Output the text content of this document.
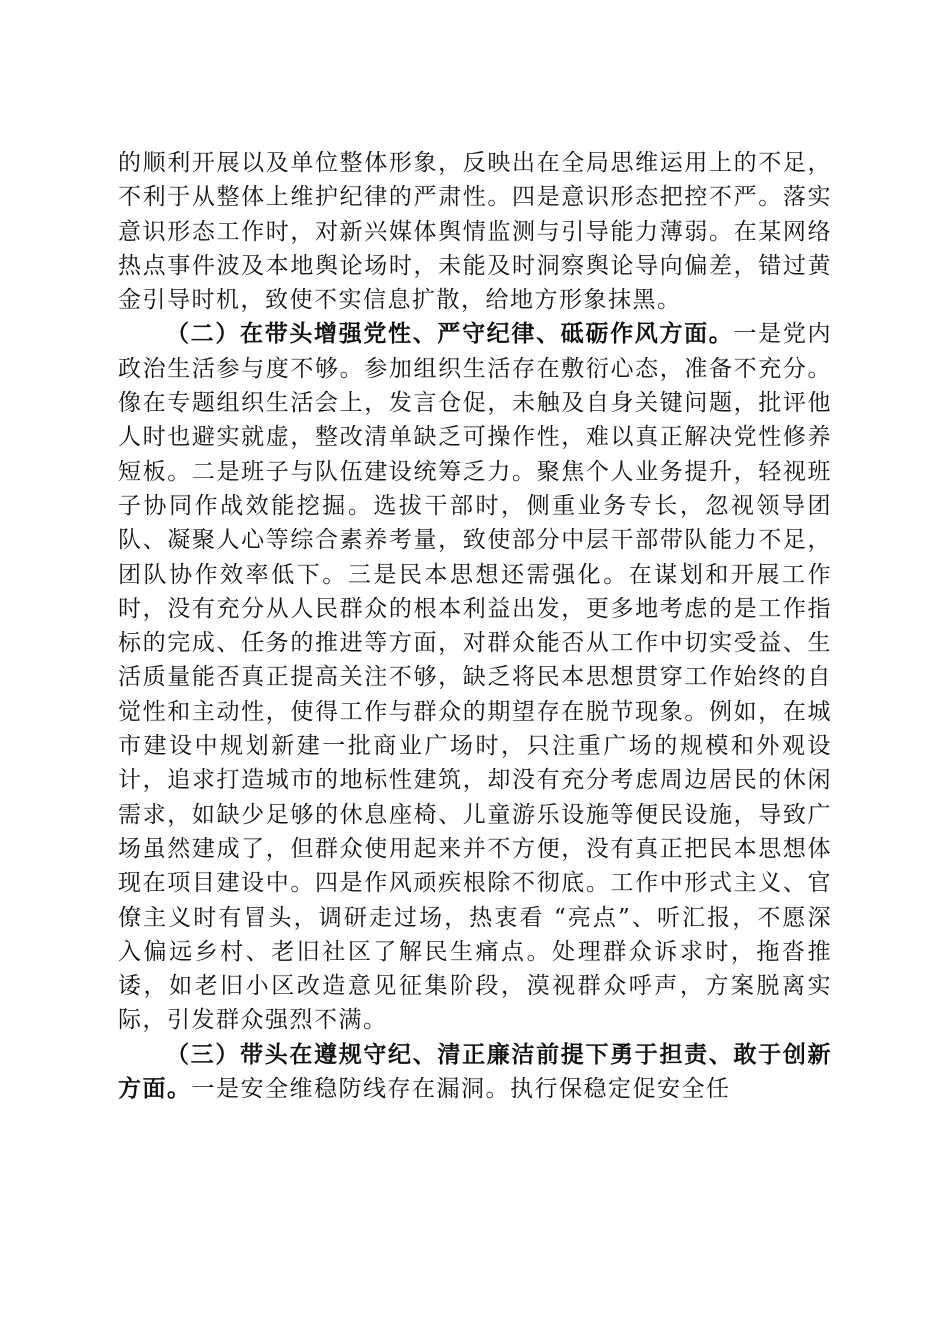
的顺利开展以及单位整体形象，反映出在全局思维运用上的不足，不利于从整体上维护纪律的严肃性。四是意识形态把控不严。落实意识形态工作时，对新兴媒体舆情监测与引导能力薄弱。在某网络热点事件波及本地舆论场时，未能及时洞察舆论导向偏差，错过黄金引导时机，致使不实信息扩散，给地方形象抹黑。

（二）在带头增强党性、严守纪律、砥砺作风方面。一是党内政治生活参与度不够。参加组织生活存在敷衍心态，准备不充分。像在专题组织生活会上，发言仓促，未触及自身关键问题，批评他人时也避实就虚，整改清单缺乏可操作性，难以真正解决党性修养短板。二是班子与队伍建设统筹乏力。聚焦个人业务提升，轻视班子协同作战效能挖掘。选拔干部时，侧重业务专长，忽视领导团队、凝聚人心等综合素养考量，致使部分中层干部带队能力不足，团队协作效率低下。三是民本思想还需强化。在谋划和开展工作时，没有充分从人民群众的根本利益出发，更多地考虑的是工作指标的完成、任务的推进等方面，对群众能否从工作中切实受益、生活质量能否真正提高关注不够，缺乏将民本思想贯穿工作始终的自觉性和主动性，使得工作与群众的期望存在脱节现象。例如，在城市建设中规划新建一批商业广场时，只注重广场的规模和外观设计，追求打造城市的地标性建筑，却没有充分考虑周边居民的休闲需求，如缺少足够的休息座椅、儿童游乐设施等便民设施，导致广场虽然建成了，但群众使用起来并不方便，没有真正把民本思想体现在项目建设中。四是作风顽疾根除不彻底。工作中形式主义、官僚主义时有冒头，调研走过场，热衷看 “亮点”、听汇报，不愿深入偏远乡村、老旧社区了解民生痛点。处理群众诉求时，拖沓推诿，如老旧小区改造意见征集阶段，漠视群众呼声，方案脱离实际，引发群众强烈不满。

（三）带头在遵规守纪、清正廉洁前提下勇于担责、敢于创新方面。一是安全维稳防线存在漏洞。执行保稳定促安全任
